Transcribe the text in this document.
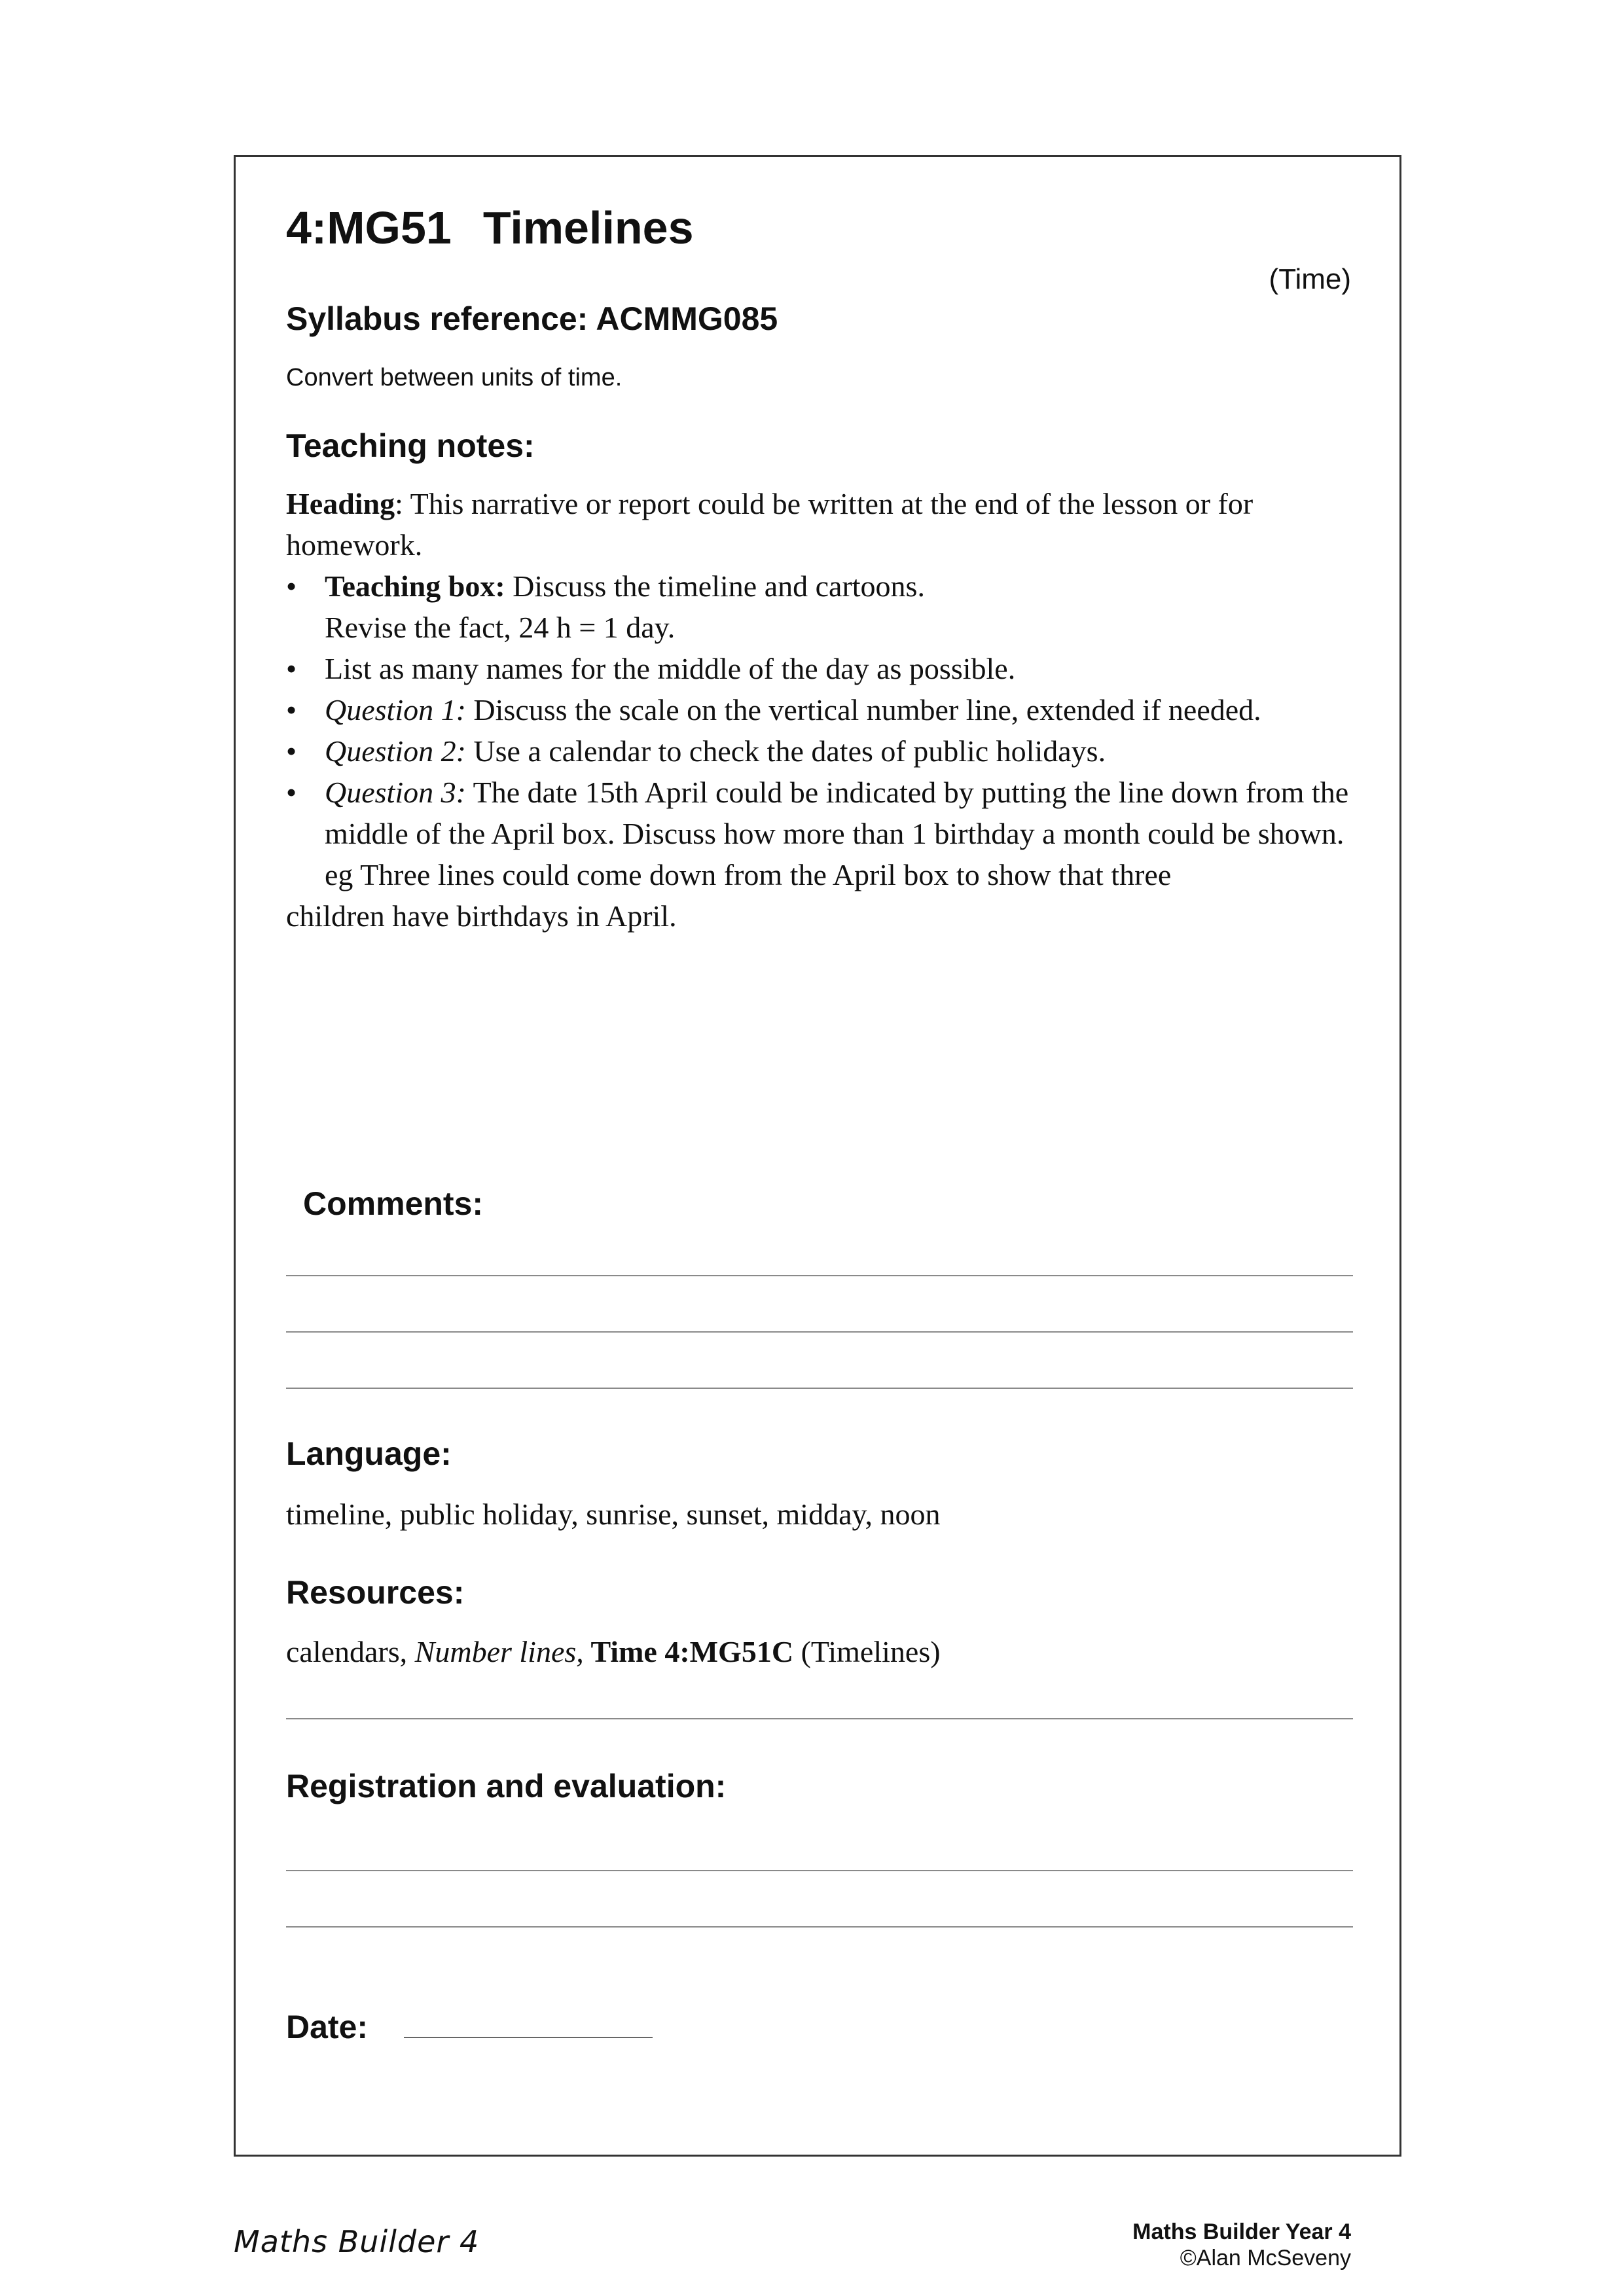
4:MG51 Timelines
(Time)
Syllabus reference: ACMMG085
Convert between units of time.
Teaching notes:

Heading: This narrative or report could be written at the end of the lesson or for homework.

• Teaching box: Discuss the timeline and cartoons.
Revise the fact, 24 h = 1 day.
• List as many names for the middle of the day as possible.
• Question 1: Discuss the scale on the vertical number line, extended if needed.
• Question 2: Use a calendar to check the dates of public holidays.
• Question 3: The date 15th April could be indicated by putting the line down from the middle of the April box. Discuss how more than 1 birthday a month could be shown.

eg Three lines could come down from the April box to show that three

children have birthdays in April.

Comments:
Language:
timeline, public holiday, sunrise, sunset, midday, noon
Resources:
calendars, Number lines, Time 4:MG51C (Timelines)
Registration and evaluation:
Date:
Maths Builder 4	Maths Builder Year 4
©Alan McSeveny
